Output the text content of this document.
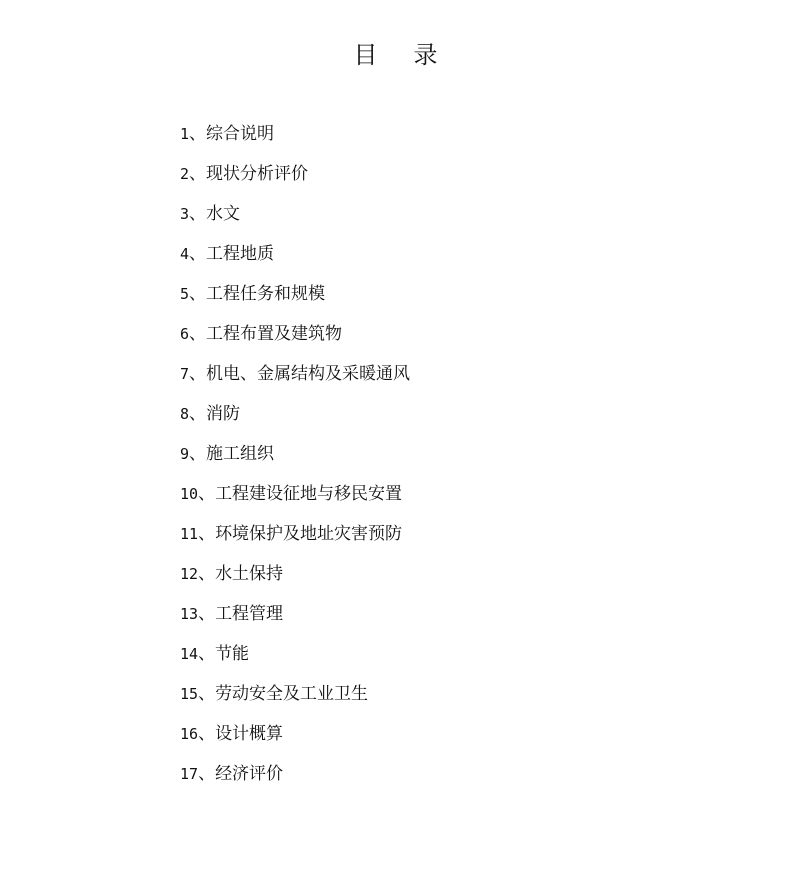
目 录
1、综合说明
2、现状分析评价
3、水文
4、工程地质
5、工程任务和规模
6、工程布置及建筑物
7、机电、金属结构及采暖通风
8、消防
9、施工组织
10、工程建设征地与移民安置
11、环境保护及地址灾害预防
12、水土保持
13、工程管理
14、节能
15、劳动安全及工业卫生
16、设计概算
17、经济评价
